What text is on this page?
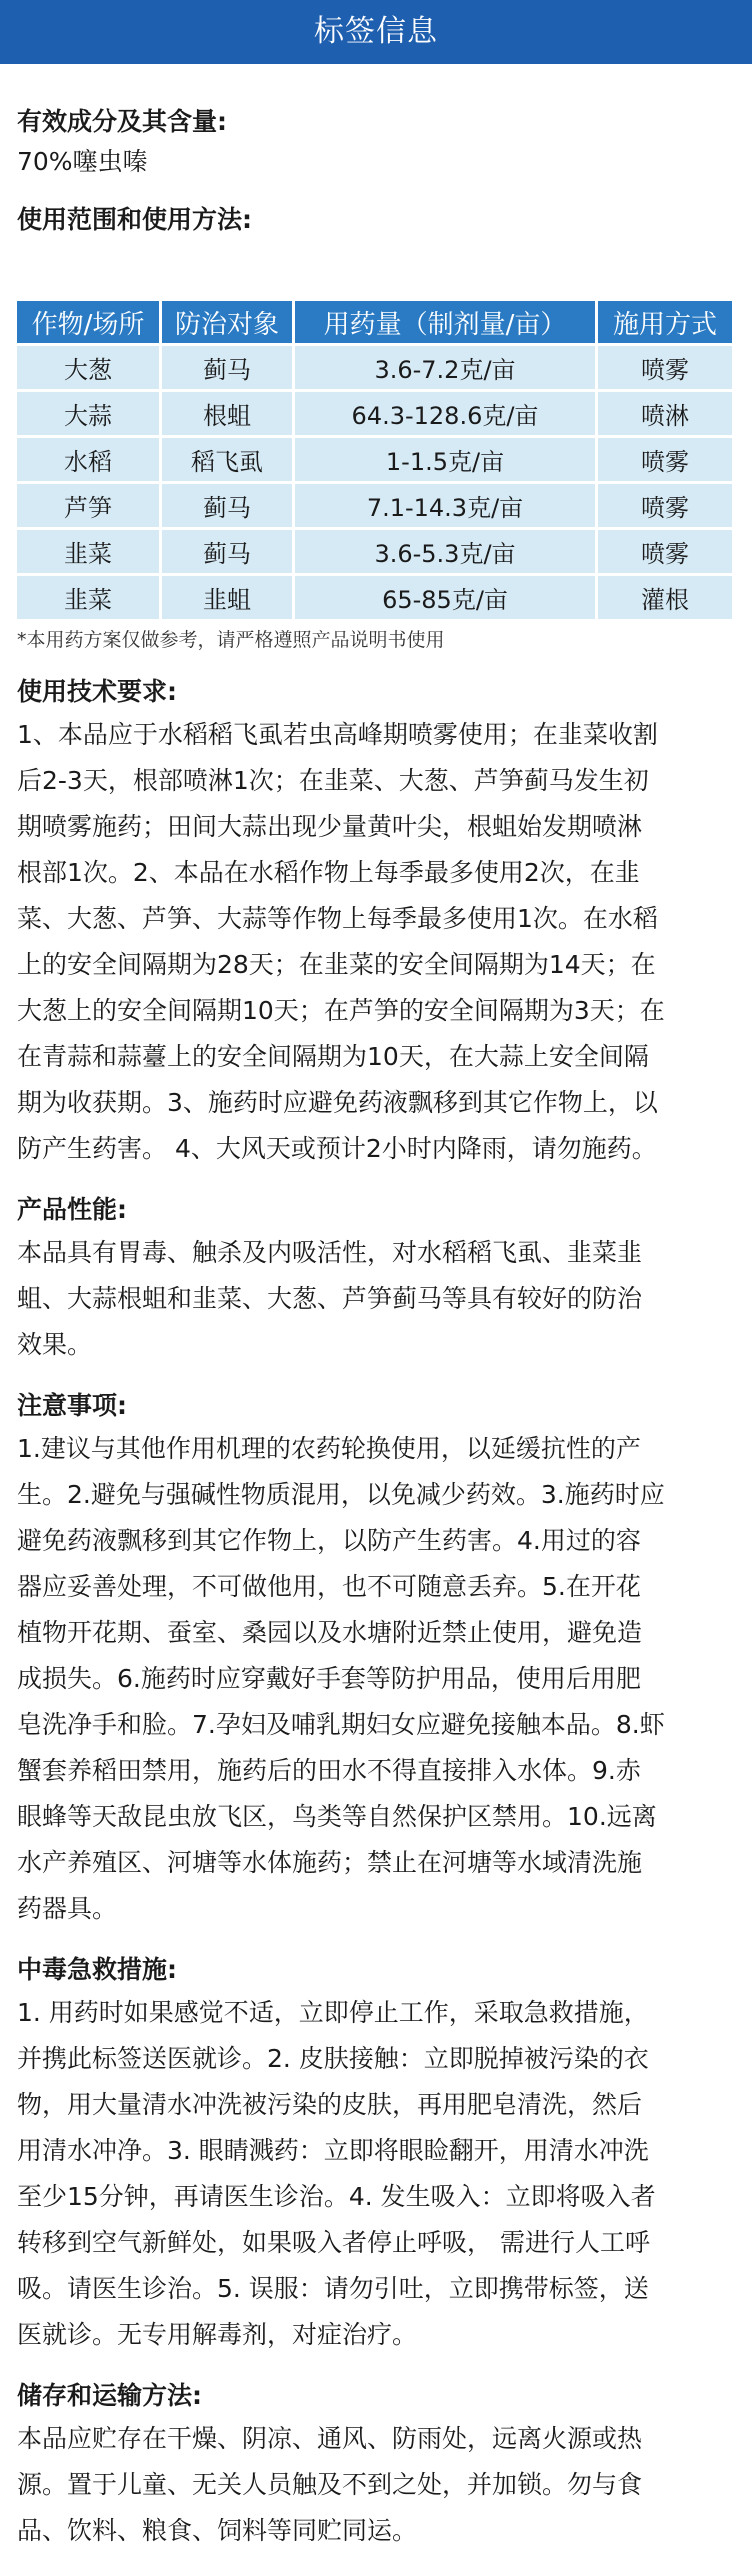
标签信息

有效成分及其含量:

70%噻虫嗪

使用范围和使用方法:

作物/场所	防治对象	用药量（制剂量/亩）	施用方式
大葱	蓟马	3.6-7.2克/亩	喷雾
大蒜	根蛆	64.3-128.6克/亩	喷淋
水稻	稻飞虱	1-1.5克/亩	喷雾
芦笋	蓟马	7.1-14.3克/亩	喷雾
韭菜	蓟马	3.6-5.3克/亩	喷雾
韭菜	韭蛆	65-85克/亩	灌根

*本用药方案仅做参考，请严格遵照产品说明书使用

使用技术要求:

1、本品应于水稻稻飞虱若虫高峰期喷雾使用；在韭菜收割
后2-3天，根部喷淋1次；在韭菜、大葱、芦笋蓟马发生初
期喷雾施药；田间大蒜出现少量黄叶尖，根蛆始发期喷淋
根部1次。2、本品在水稻作物上每季最多使用2次，在韭
菜、大葱、芦笋、大蒜等作物上每季最多使用1次。在水稻
上的安全间隔期为28天；在韭菜的安全间隔期为14天；在
大葱上的安全间隔期10天；在芦笋的安全间隔期为3天；在
在青蒜和蒜薹上的安全间隔期为10天，在大蒜上安全间隔
期为收获期。3、施药时应避免药液飘移到其它作物上，以
防产生药害。 4、大风天或预计2小时内降雨，请勿施药。

产品性能:

本品具有胃毒、触杀及内吸活性，对水稻稻飞虱、韭菜韭
蛆、大蒜根蛆和韭菜、大葱、芦笋蓟马等具有较好的防治
效果。

注意事项:

1.建议与其他作用机理的农药轮换使用，以延缓抗性的产
生。2.避免与强碱性物质混用，以免减少药效。3.施药时应
避免药液飘移到其它作物上，以防产生药害。4.用过的容
器应妥善处理，不可做他用，也不可随意丢弃。5.在开花
植物开花期、蚕室、桑园以及水塘附近禁止使用，避免造
成损失。6.施药时应穿戴好手套等防护用品，使用后用肥
皂洗净手和脸。7.孕妇及哺乳期妇女应避免接触本品。8.虾
蟹套养稻田禁用，施药后的田水不得直接排入水体。9.赤
眼蜂等天敌昆虫放飞区，鸟类等自然保护区禁用。10.远离
水产养殖区、河塘等水体施药；禁止在河塘等水域清洗施
药器具。

中毒急救措施:

1. 用药时如果感觉不适，立即停止工作，采取急救措施，
并携此标签送医就诊。2. 皮肤接触：立即脱掉被污染的衣
物，用大量清水冲洗被污染的皮肤，再用肥皂清洗，然后
用清水冲净。3. 眼睛溅药：立即将眼睑翻开，用清水冲洗
至少15分钟，再请医生诊治。4. 发生吸入：立即将吸入者
转移到空气新鲜处，如果吸入者停止呼吸， 需进行人工呼
吸。请医生诊治。5. 误服：请勿引吐，立即携带标签，送
医就诊。无专用解毒剂，对症治疗。

储存和运输方法:

本品应贮存在干燥、阴凉、通风、防雨处，远离火源或热
源。置于儿童、无关人员触及不到之处，并加锁。勿与食
品、饮料、粮食、饲料等同贮同运。
